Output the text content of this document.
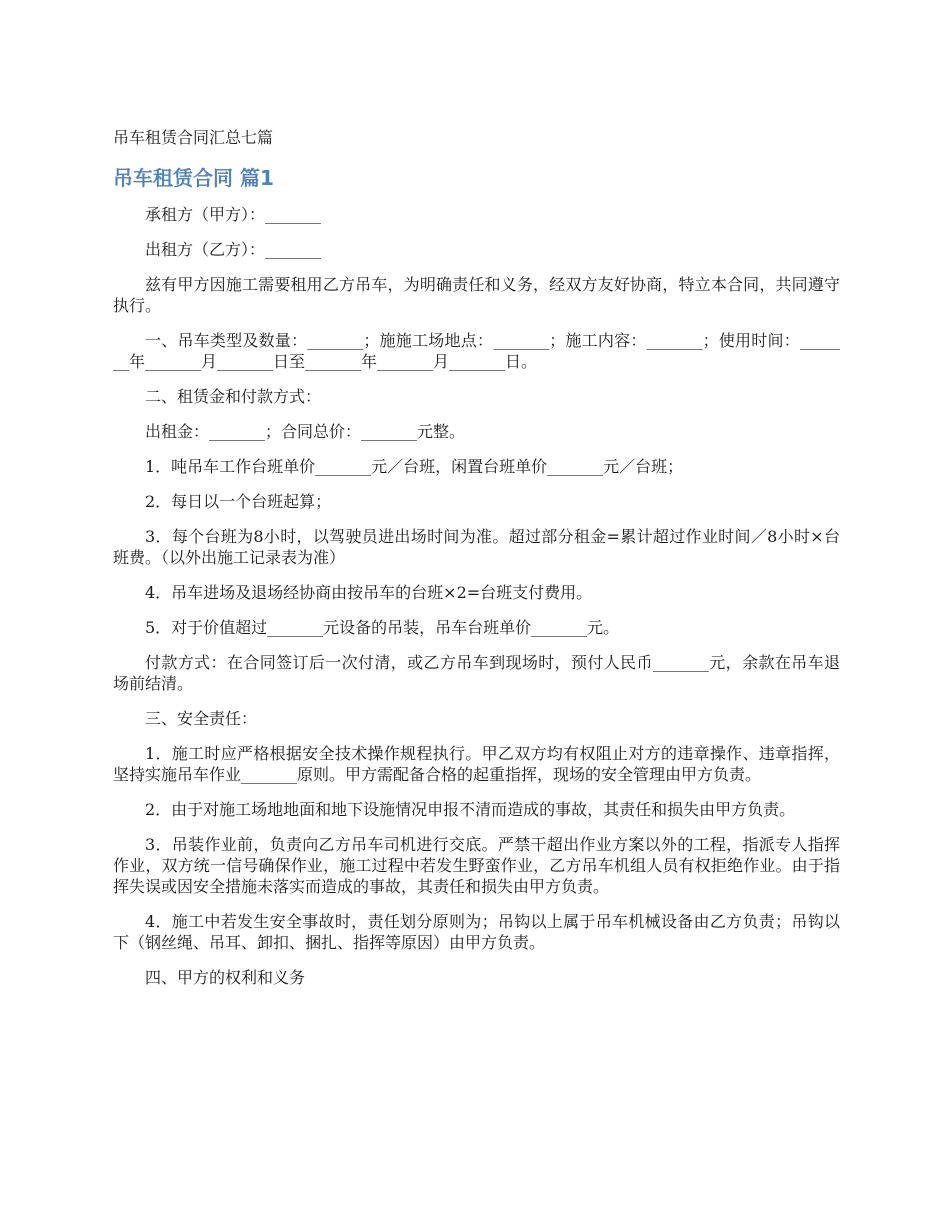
吊车租赁合同汇总七篇
吊车租赁合同 篇1

承租方（甲方）：_______

出租方（乙方）：_______

兹有甲方因施工需要租用乙方吊车，为明确责任和义务，经双方友好协商，特立本合同，共同遵守执行。

一、吊车类型及数量：_______；施施工场地点：_______；施工内容：_______；使用时间：_______年_______月_______日至_______年_______月_______日。

二、租赁金和付款方式：

出租金：_______；合同总价：_______元整。

1．吨吊车工作台班单价_______元／台班，闲置台班单价_______元／台班；

2．每日以一个台班起算；

3．每个台班为8小时，以驾驶员进出场时间为准。超过部分租金=累计超过作业时间／8小时×台班费。（以外出施工记录表为准）

4．吊车进场及退场经协商由按吊车的台班×2=台班支付费用。

5．对于价值超过_______元设备的吊装，吊车台班单价_______元。

付款方式：在合同签订后一次付清，或乙方吊车到现场时，预付人民币_______元，余款在吊车退场前结清。

三、安全责任：

1．施工时应严格根据安全技术操作规程执行。甲乙双方均有权阻止对方的违章操作、违章指挥，坚持实施吊车作业_______原则。甲方需配备合格的起重指挥，现场的安全管理由甲方负责。

2．由于对施工场地地面和地下设施情况申报不清而造成的事故，其责任和损失由甲方负责。

3．吊装作业前，负责向乙方吊车司机进行交底。严禁干超出作业方案以外的工程，指派专人指挥作业，双方统一信号确保作业，施工过程中若发生野蛮作业，乙方吊车机组人员有权拒绝作业。由于指挥失误或因安全措施未落实而造成的事故，其责任和损失由甲方负责。

4．施工中若发生安全事故时，责任划分原则为；吊钩以上属于吊车机械设备由乙方负责；吊钩以下（钢丝绳、吊耳、卸扣、捆扎、指挥等原因）由甲方负责。

四、甲方的权利和义务
